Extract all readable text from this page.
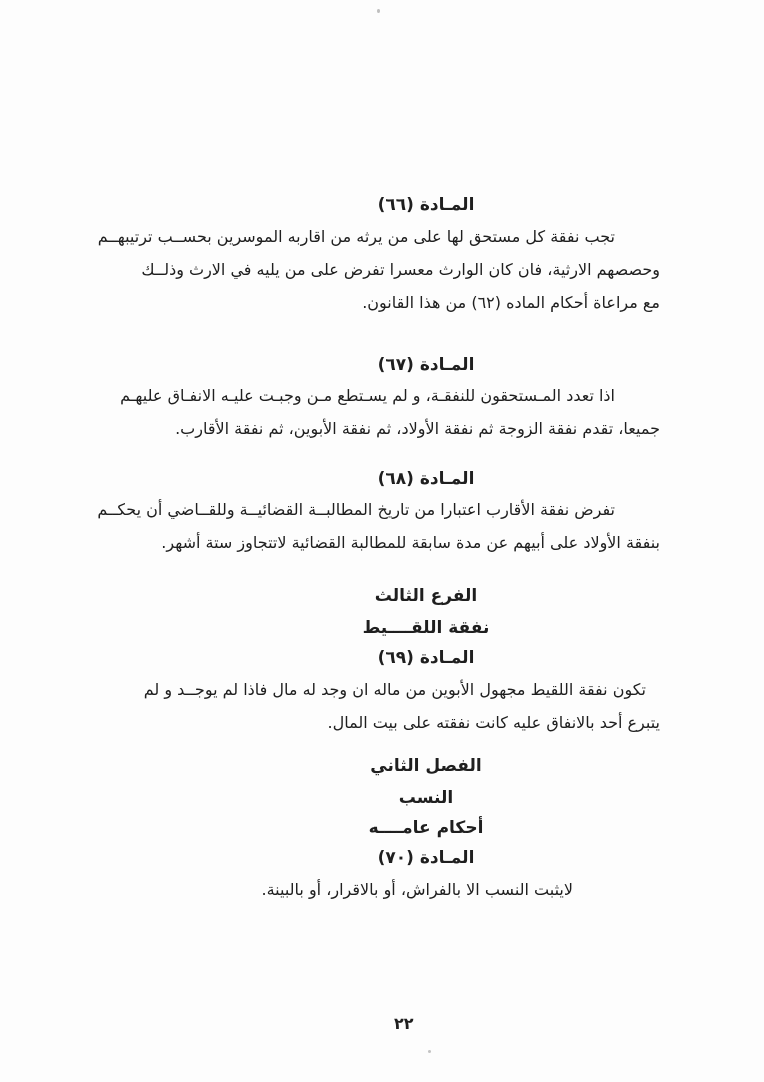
المـادة (٦٦)
تجب نفقة كل مستحق لها على من يرثه من اقاربه الموسرين بحســب ترتيبهــم
وحصصهم الارثية، فان كان الوارث معسرا تفرض على من يليه في الارث وذلــك
مع مراعاة أحكام الماده (٦٢) من هذا القانون.
المـادة (٦٧)
اذا تعدد المـستحقون للنفقـة، و لم يسـتطع مـن وجبـت عليـه الانفـاق عليهـم
جميعا، تقدم نفقة الزوجة ثم نفقة الأولاد، ثم نفقة الأبوين، ثم نفقة الأقارب.
المـادة (٦٨)
تفرض نفقة الأقارب اعتبارا من تاريخ المطالبــة القضائيــة وللقــاضي أن يحكــم
بنفقة الأولاد على أبيهم عن مدة سابقة للمطالبة القضائية لاتتجاوز ستة أشهر.
الفرع الثالث
نفقة اللقــــيط
المـادة (٦٩)
تكون نفقة اللقيط مجهول الأبوين من ماله ان وجد له مال فاذا لم يوجــد و لم
يتبرع أحد بالانفاق عليه كانت نفقته على بيت المال.
الفصل الثاني
النسب
أحكام عامــــه
المـادة (٧٠)
لايثبت النسب الا بالفراش، أو بالاقرار، أو بالبينة.
٢٢
